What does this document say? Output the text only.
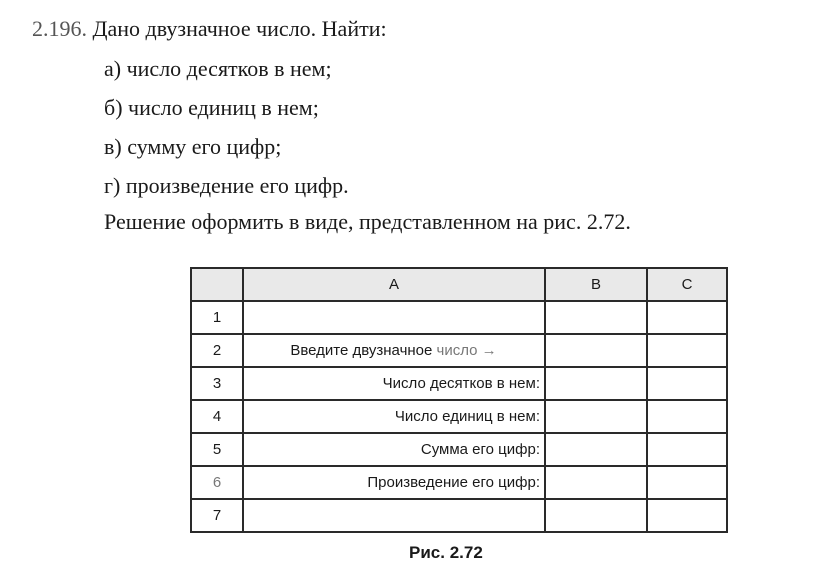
2.196. Дано двузначное число. Найти:
а) число десятков в нем;
б) число единиц в нем;
в) сумму его цифр;
г) произведение его цифр.
Решение оформить в виде, представленном на рис. 2.72.
	A	B	C
1			
2	Введите двузначное число →		
3	Число десятков в нем:		
4	Число единиц в нем:		
5	Сумма его цифр:		
6	Произведение его цифр:		
7			
Рис. 2.72
